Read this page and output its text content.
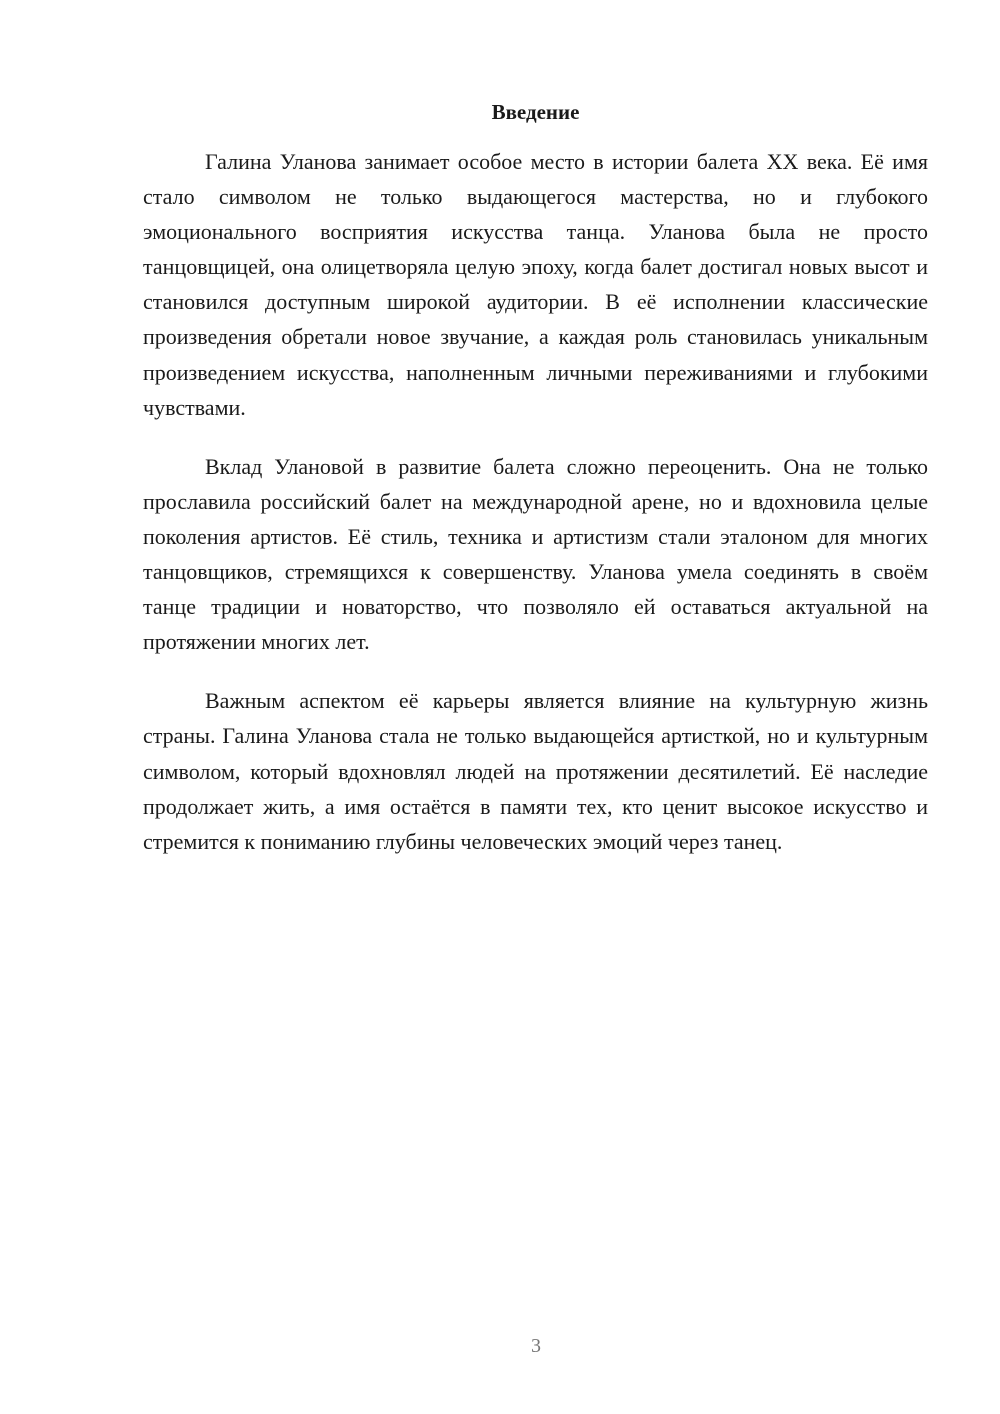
Введение

Галина Уланова занимает особое место в истории балета XX века. Её имя стало символом не только выдающегося мастерства, но и глубокого эмоционального восприятия искусства танца. Уланова была не просто танцовщицей, она олицетворяла целую эпоху, когда балет достигал новых высот и становился доступным широкой аудитории. В её исполнении классические произведения обретали новое звучание, а каждая роль становилась уникальным произведением искусства, наполненным личными переживаниями и глубокими чувствами.

Вклад Улановой в развитие балета сложно переоценить. Она не только прославила российский балет на международной арене, но и вдохновила целые поколения артистов. Её стиль, техника и артистизм стали эталоном для многих танцовщиков, стремящихся к совершенству. Уланова умела соединять в своём танце традиции и новаторство, что позволяло ей оставаться актуальной на протяжении многих лет.

Важным аспектом её карьеры является влияние на культурную жизнь страны. Галина Уланова стала не только выдающейся артисткой, но и культурным символом, который вдохновлял людей на протяжении десятилетий. Её наследие продолжает жить, а имя остаётся в памяти тех, кто ценит высокое искусство и стремится к пониманию глубины человеческих эмоций через танец.

3
